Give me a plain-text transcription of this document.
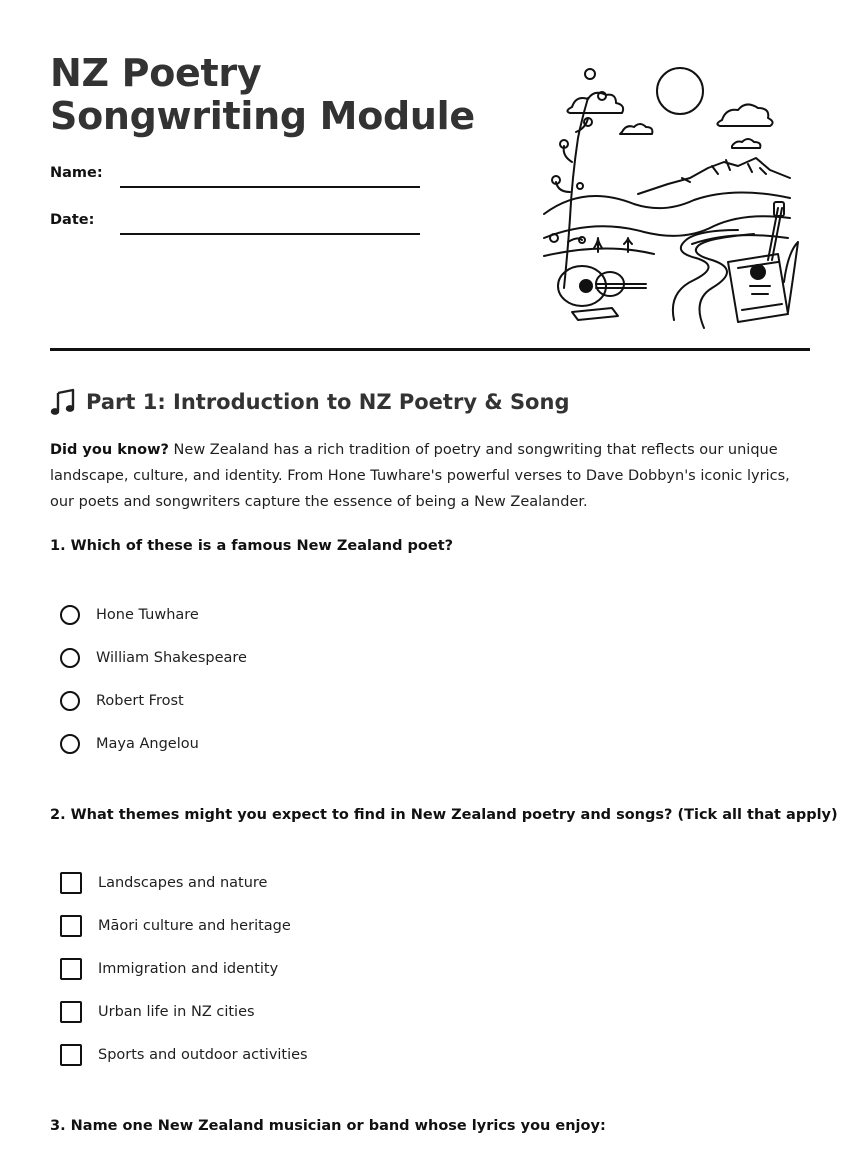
NZ Poetry Songwriting Module
Name:
Date:
Part 1: Introduction to NZ Poetry & Song

Did you know? New Zealand has a rich tradition of poetry and songwriting that reflects our unique landscape, culture, and identity. From Hone Tuwhare's powerful verses to Dave Dobbyn's iconic lyrics, our poets and songwriters capture the essence of being a New Zealander.

1. Which of these is a famous New Zealand poet?

Hone Tuwhare
William Shakespeare
Robert Frost
Maya Angelou

2. What themes might you expect to find in New Zealand poetry and songs? (Tick all that apply)

Landscapes and nature
Māori culture and heritage
Immigration and identity
Urban life in NZ cities
Sports and outdoor activities

3. Name one New Zealand musician or band whose lyrics you enjoy:
